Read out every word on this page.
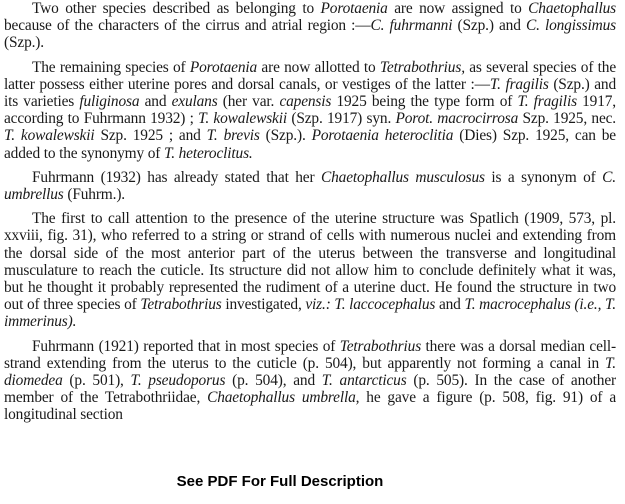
Two other species described as belonging to Porotaenia are now assigned to Chaetophallus because of the characters of the cirrus and atrial region :—C. fuhrmanni (Szp.) and C. longissimus (Szp.).

The remaining species of Porotaenia are now allotted to Tetrabothrius, as several species of the latter possess either uterine pores and dorsal canals, or vestiges of the latter :—T. fragilis (Szp.) and its varieties fuliginosa and exulans (her var. capensis 1925 being the type form of T. fragilis 1917, according to Fuhrmann 1932) ; T. kowalewskii (Szp. 1917) syn. Porot. macrocirrosa Szp. 1925, nec. T. kowalewskii Szp. 1925 ; and T. brevis (Szp.). Porotaenia heteroclitia (Dies) Szp. 1925, can be added to the synonymy of T. heteroclitus.

Fuhrmann (1932) has already stated that her Chaetophallus musculosus is a synonym of C. umbrellus (Fuhrm.).

The first to call attention to the presence of the uterine structure was Spatlich (1909, 573, pl. xxviii, fig. 31), who referred to a string or strand of cells with numerous nuclei and extending from the dorsal side of the most anterior part of the uterus between the transverse and longitudinal musculature to reach the cuticle. Its structure did not allow him to conclude definitely what it was, but he thought it probably represented the rudiment of a uterine duct. He found the structure in two out of three species of Tetrabothrius investigated, viz.: T. laccocephalus and T. macrocephalus (i.e., T. immerinus).

Fuhrmann (1921) reported that in most species of Tetrabothrius there was a dorsal median cell-strand extending from the uterus to the cuticle (p. 504), but apparently not forming a canal in T. diomedea (p. 501), T. pseudoporus (p. 504), and T. antarcticus (p. 505). In the case of another member of the Tetrabothriidae, Chaetophallus umbrella, he gave a figure (p. 508, fig. 91) of a longitudinal section

See PDF For Full Description
